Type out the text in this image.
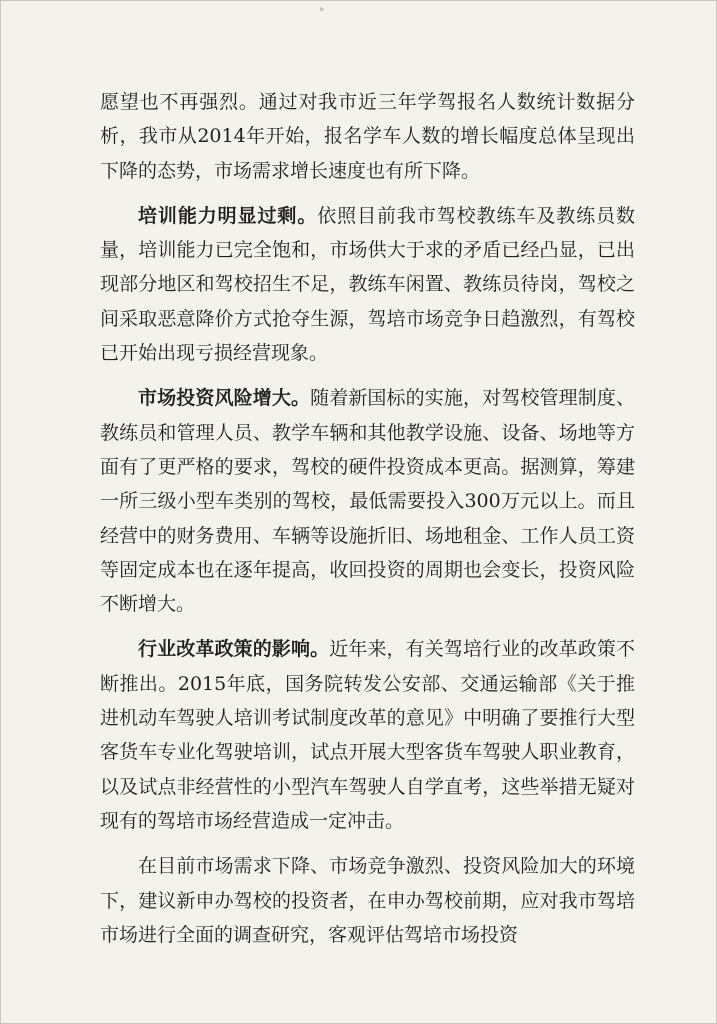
ᵇ

愿望也不再强烈。通过对我市近三年学驾报名人数统计数据分析，我市从2014年开始，报名学车人数的增长幅度总体呈现出下降的态势，市场需求增长速度也有所下降。

培训能力明显过剩。依照目前我市驾校教练车及教练员数量，培训能力已完全饱和，市场供大于求的矛盾已经凸显，已出现部分地区和驾校招生不足，教练车闲置、教练员待岗，驾校之间采取恶意降价方式抢夺生源，驾培市场竞争日趋激烈，有驾校已开始出现亏损经营现象。

市场投资风险增大。随着新国标的实施，对驾校管理制度、教练员和管理人员、教学车辆和其他教学设施、设备、场地等方面有了更严格的要求，驾校的硬件投资成本更高。据测算，筹建一所三级小型车类别的驾校，最低需要投入300万元以上。而且经营中的财务费用、车辆等设施折旧、场地租金、工作人员工资等固定成本也在逐年提高，收回投资的周期也会变长，投资风险不断增大。

行业改革政策的影响。近年来，有关驾培行业的改革政策不断推出。2015年底，国务院转发公安部、交通运输部《关于推进机动车驾驶人培训考试制度改革的意见》中明确了要推行大型客货车专业化驾驶培训，试点开展大型客货车驾驶人职业教育，以及试点非经营性的小型汽车驾驶人自学直考，这些举措无疑对现有的驾培市场经营造成一定冲击。

在目前市场需求下降、市场竞争激烈、投资风险加大的环境下，建议新申办驾校的投资者，在申办驾校前期，应对我市驾培市场进行全面的调查研究，客观评估驾培市场投资
